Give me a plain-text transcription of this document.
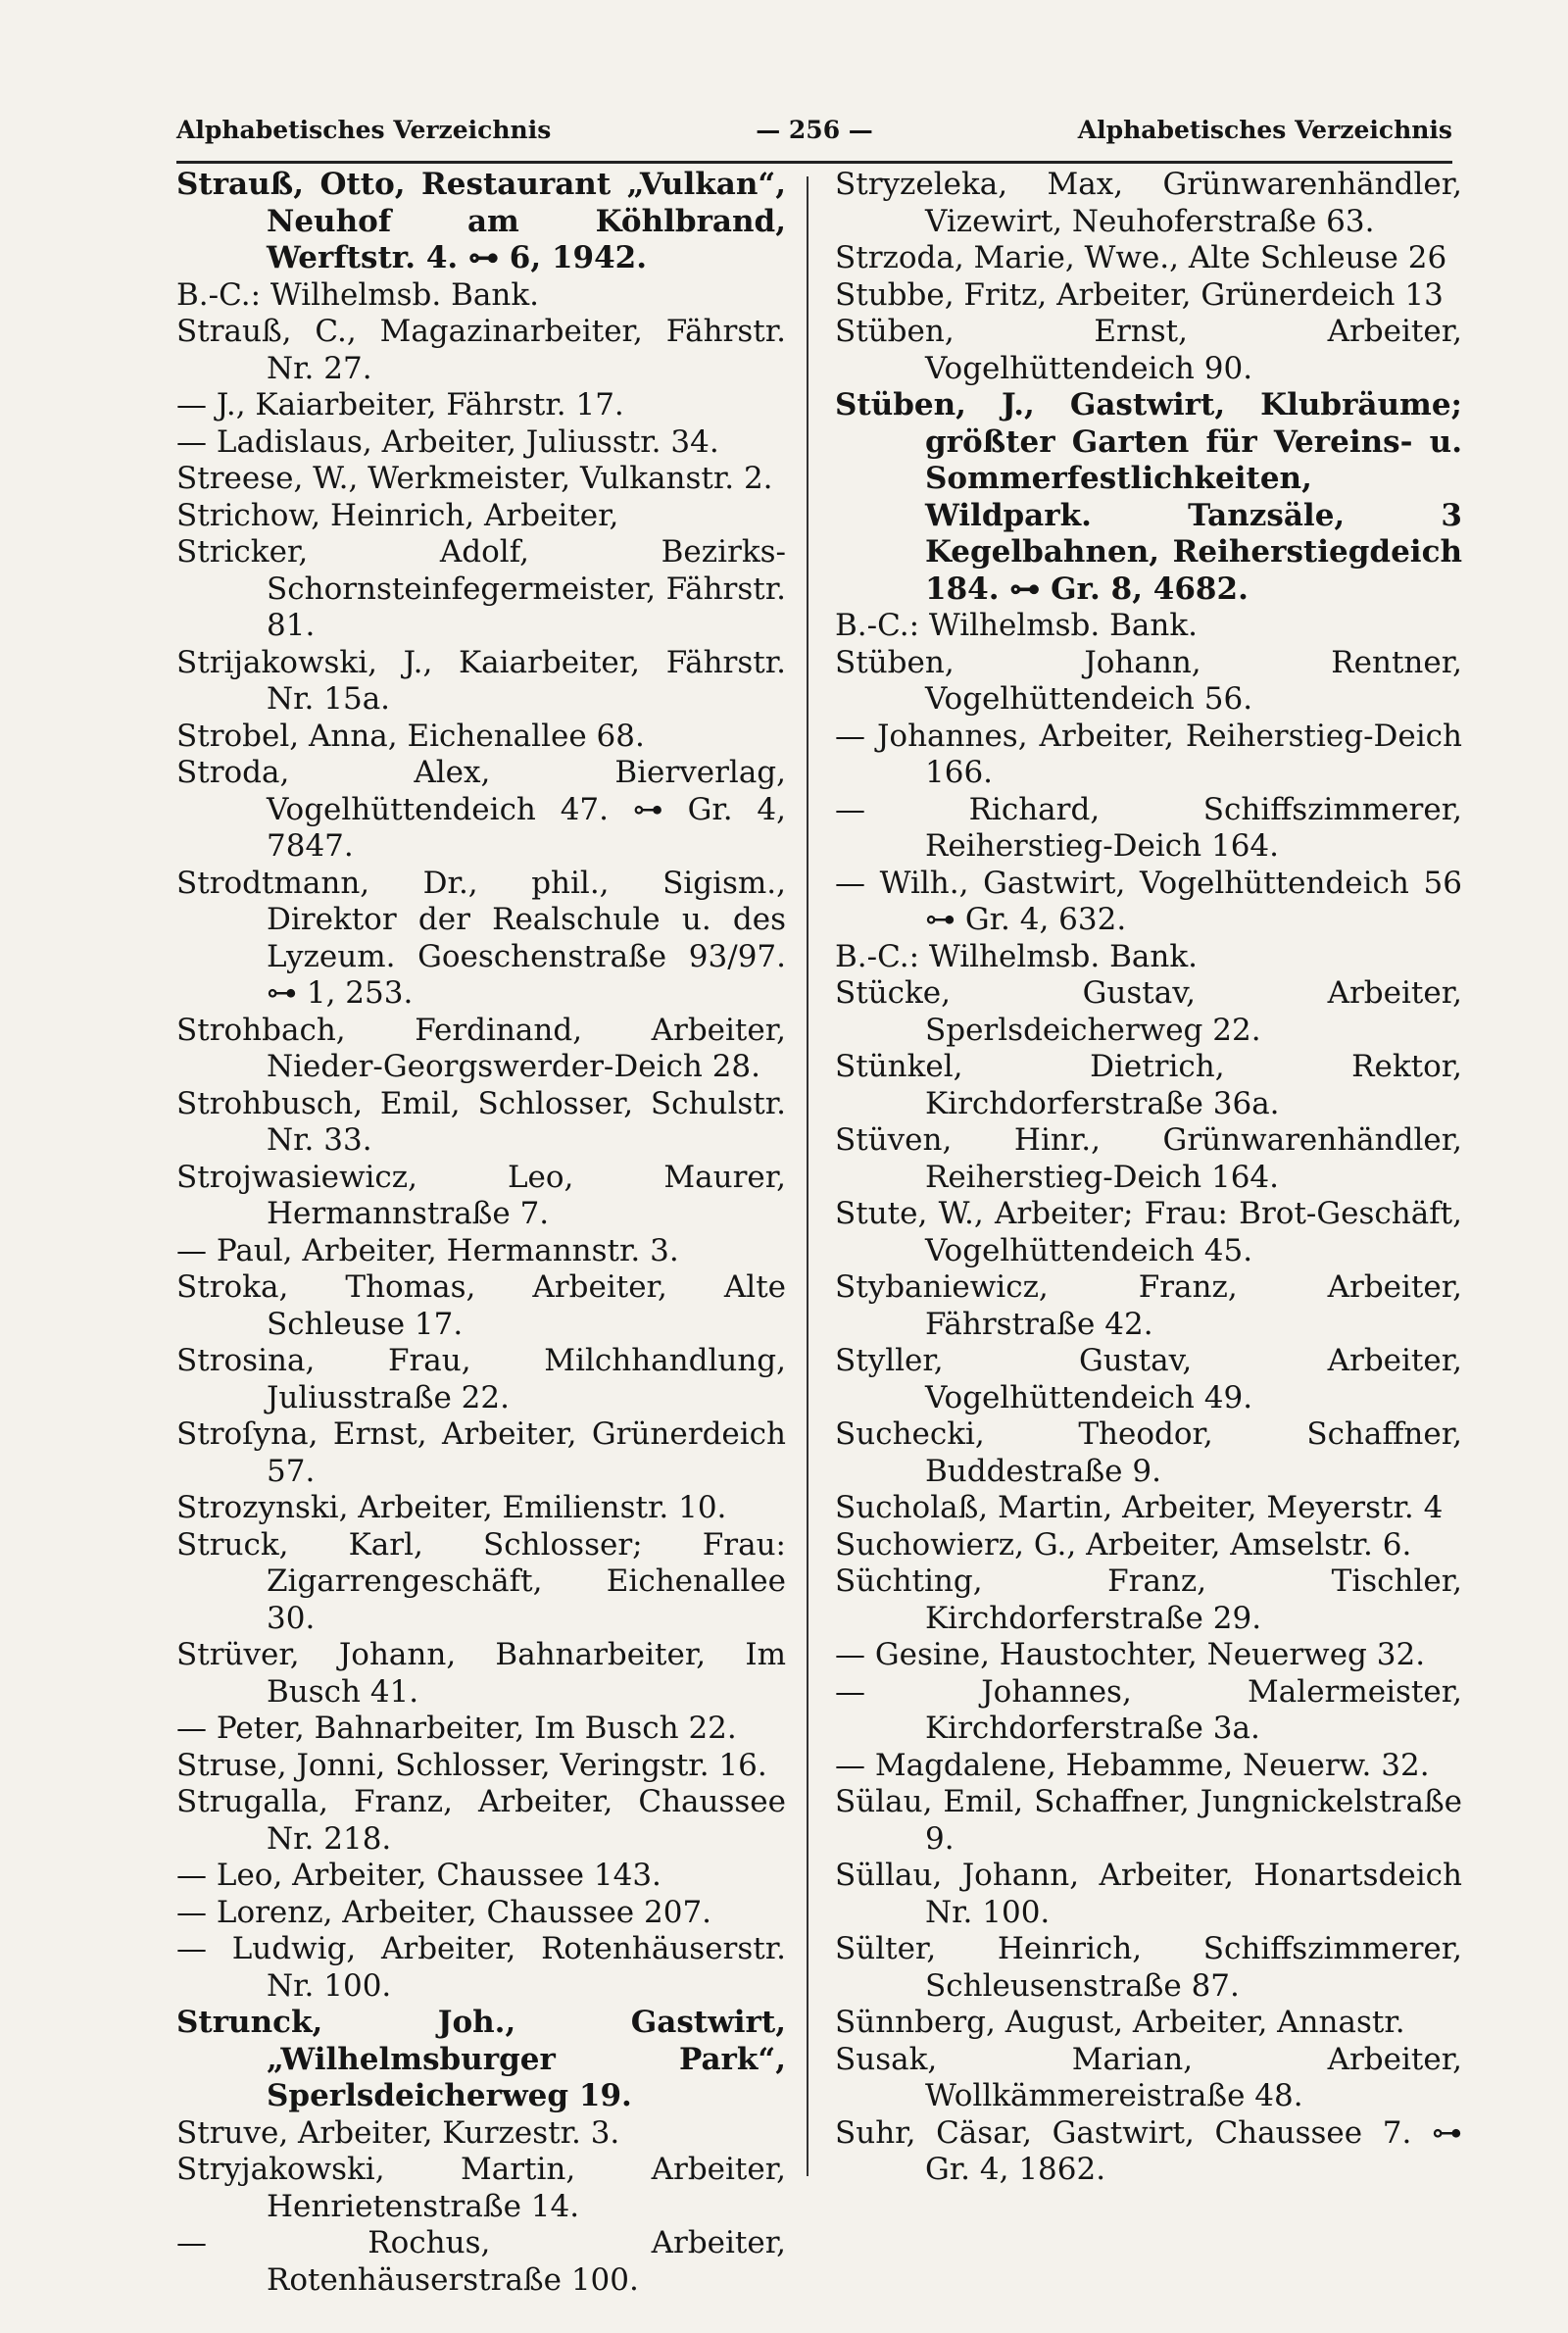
Alphabetisches Verzeichnis	— 256 —	Alphabetisches Verzeichnis
Strauß, Otto, Restaurant „Vulkan“, Neuhof am Köhlbrand, Werftstr. 4. ⊶ 6, 1942.
B.-C.: Wilhelmsb. Bank.
Strauß, C., Magazinarbeiter, Fährstr. Nr. 27.
— J., Kaiarbeiter, Fährstr. 17.
— Ladislaus, Arbeiter, Juliusstr. 34.
Streese, W., Werkmeister, Vulkanstr. 2.
Strichow, Heinrich, Arbeiter,
Stricker, Adolf, Bezirks-Schornsteinfegermeister, Fährstr. 81.
Strijakowski, J., Kaiarbeiter, Fährstr. Nr. 15a.
Strobel, Anna, Eichenallee 68.
Stroda, Alex, Bierverlag, Vogelhüttendeich 47. ⊶ Gr. 4, 7847.
Strodtmann, Dr., phil., Sigism., Direktor der Realschule u. des Lyzeum. Goeschenstraße 93/97. ⊶ 1, 253.
Strohbach, Ferdinand, Arbeiter, Nieder-Georgswerder-Deich 28.
Strohbusch, Emil, Schlosser, Schulstr. Nr. 33.
Strojwasiewicz, Leo, Maurer, Hermannstraße 7.
— Paul, Arbeiter, Hermannstr. 3.
Stroka, Thomas, Arbeiter, Alte Schleuse 17.
Strosina, Frau, Milchhandlung, Juliusstraße 22.
Stroſyna, Ernst, Arbeiter, Grünerdeich 57.
Strozynski, Arbeiter, Emilienstr. 10.
Struck, Karl, Schlosser; Frau: Zigarrengeschäft, Eichenallee 30.
Strüver, Johann, Bahnarbeiter, Im Busch 41.
— Peter, Bahnarbeiter, Im Busch 22.
Struse, Jonni, Schlosser, Veringstr. 16.
Strugalla, Franz, Arbeiter, Chaussee Nr. 218.
— Leo, Arbeiter, Chaussee 143.
— Lorenz, Arbeiter, Chaussee 207.
— Ludwig, Arbeiter, Rotenhäuserstr. Nr. 100.
Strunck, Joh., Gastwirt, „Wilhelmsburger Park“, Sperlsdeicherweg 19.
Struve, Arbeiter, Kurzestr. 3.
Stryjakowski, Martin, Arbeiter, Henrietenstraße 14.
— Rochus, Arbeiter, Rotenhäuserstraße 100.
Stryzeleka, Max, Grünwarenhändler, Vizewirt, Neuhoferstraße 63.
Strzoda, Marie, Wwe., Alte Schleuse 26
Stubbe, Fritz, Arbeiter, Grünerdeich 13
Stüben, Ernst, Arbeiter, Vogelhüttendeich 90.
Stüben, J., Gastwirt, Klubräume; größter Garten für Vereins- u. Sommerfestlichkeiten, Wildpark. Tanzsäle, 3 Kegelbahnen, Reiherstiegdeich 184. ⊶ Gr. 8, 4682.
B.-C.: Wilhelmsb. Bank.
Stüben, Johann, Rentner, Vogelhüttendeich 56.
— Johannes, Arbeiter, Reiherstieg-Deich 166.
— Richard, Schiffszimmerer, Reiherstieg-Deich 164.
— Wilh., Gastwirt, Vogelhüttendeich 56 ⊶ Gr. 4, 632.
B.-C.: Wilhelmsb. Bank.
Stücke, Gustav, Arbeiter, Sperlsdeicherweg 22.
Stünkel, Dietrich, Rektor, Kirchdorferstraße 36a.
Stüven, Hinr., Grünwarenhändler, Reiherstieg-Deich 164.
Stute, W., Arbeiter; Frau: Brot-Geschäft, Vogelhüttendeich 45.
Stybaniewicz, Franz, Arbeiter, Fährstraße 42.
Styller, Gustav, Arbeiter, Vogelhüttendeich 49.
Suchecki, Theodor, Schaffner, Buddestraße 9.
Sucholaß, Martin, Arbeiter, Meyerstr. 4
Suchowierz, G., Arbeiter, Amselstr. 6.
Süchting, Franz, Tischler, Kirchdorferstraße 29.
— Gesine, Haustochter, Neuerweg 32.
— Johannes, Malermeister, Kirchdorferstraße 3a.
— Magdalene, Hebamme, Neuerw. 32.
Sülau, Emil, Schaffner, Jungnickelstraße 9.
Süllau, Johann, Arbeiter, Honartsdeich Nr. 100.
Sülter, Heinrich, Schiffszimmerer, Schleusenstraße 87.
Sünnberg, August, Arbeiter, Annastr.
Susak, Marian, Arbeiter, Wollkämmereistraße 48.
Suhr, Cäsar, Gastwirt, Chaussee 7. ⊶ Gr. 4, 1862.
